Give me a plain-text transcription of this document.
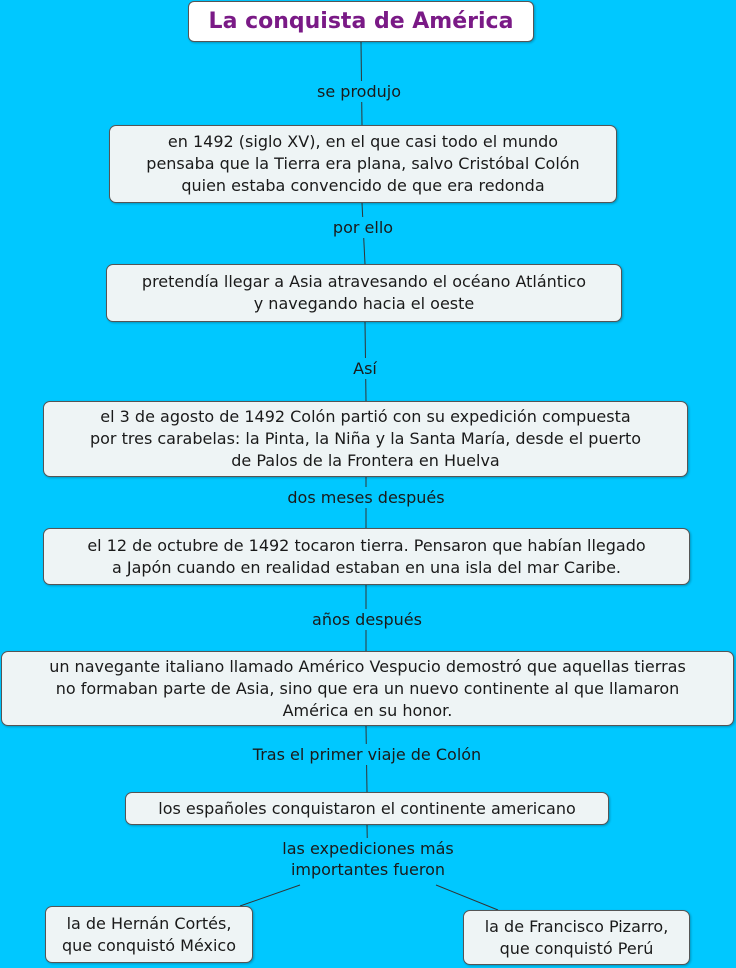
La conquista de América
se produjo
en 1492 (siglo XV), en el que casi todo el mundo
pensaba que la Tierra era plana, salvo Cristóbal Colón
quien estaba convencido de que era redonda
por ello
pretendía llegar a Asia atravesando el océano Atlántico
y navegando hacia el oeste
Así
el 3 de agosto de 1492 Colón partió con su expedición compuesta
por tres carabelas: la Pinta, la Niña y la Santa María, desde el puerto
de Palos de la Frontera en Huelva
dos meses después
el 12 de octubre de 1492 tocaron tierra. Pensaron que habían llegado
a Japón cuando en realidad estaban en una isla del mar Caribe.
años después
un navegante italiano llamado Américo Vespucio demostró que aquellas tierras
no formaban parte de Asia, sino que era un nuevo continente al que llamaron
América en su honor.
Tras el primer viaje de Colón
los españoles conquistaron el continente americano
las expediciones más
importantes fueron
la de Hernán Cortés,
que conquistó México
la de Francisco Pizarro,
que conquistó Perú
